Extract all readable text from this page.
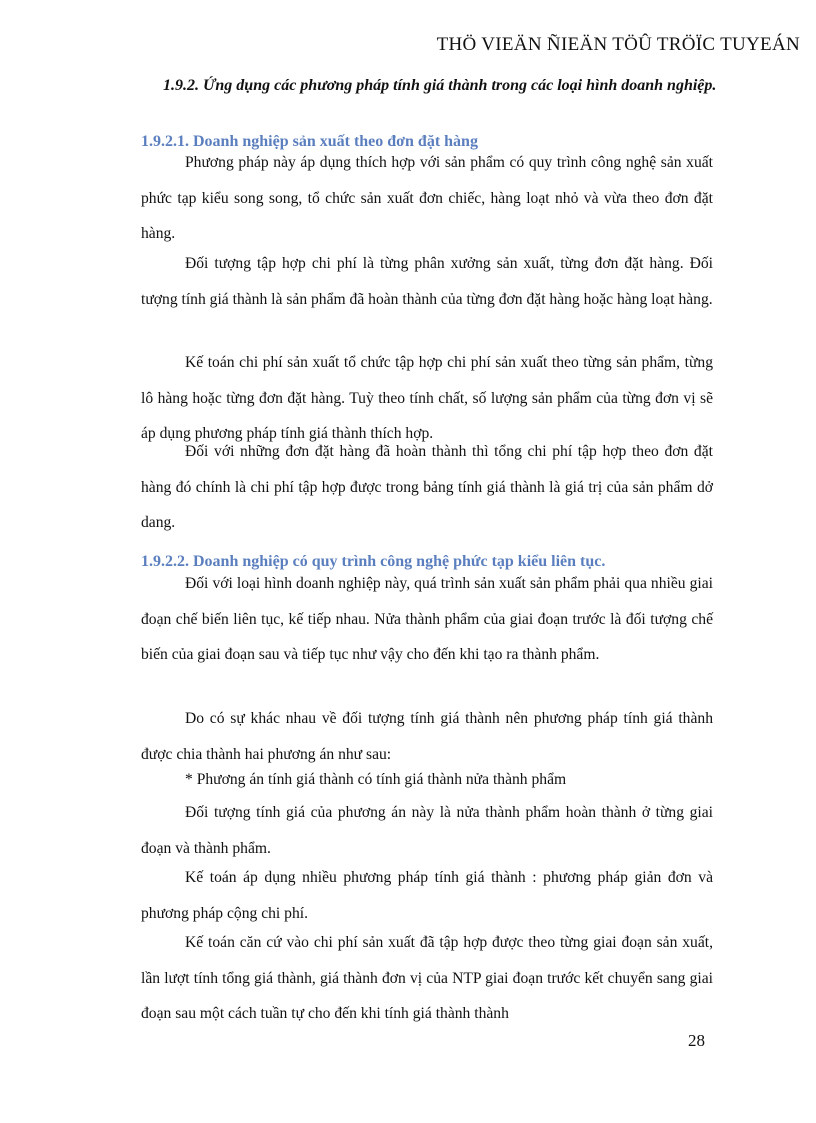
THÖ VIEÄN ÑIEÄN TÖÛ TRÖÏC TUYEÁN
1.9.2. Ứng dụng các phương pháp tính giá thành trong các loại hình doanh nghiệp.
1.9.2.1. Doanh nghiệp sản xuất theo đơn đặt hàng
Phương pháp này áp dụng thích hợp với sản phẩm có quy trình công nghệ sản xuất phức tạp kiểu song song, tổ chức sản xuất đơn chiếc, hàng loạt nhỏ và vừa theo đơn đặt hàng.
Đối tượng tập hợp chi phí là từng phân xưởng sản xuất, từng đơn đặt hàng. Đối tượng tính giá thành là sản phẩm đã hoàn thành của từng đơn đặt hàng hoặc hàng loạt hàng.
Kế toán chi phí sản xuất tổ chức tập hợp chi phí sản xuất theo từng sản phẩm, từng lô hàng hoặc từng đơn đặt hàng. Tuỳ theo tính chất, số lượng sản phẩm của từng đơn vị sẽ áp dụng phương pháp tính giá thành thích hợp.
Đối với những đơn đặt hàng đã hoàn thành thì tổng chi phí tập hợp theo đơn đặt hàng đó chính là chi phí tập hợp được trong bảng tính giá thành là giá trị của sản phẩm dở dang.
1.9.2.2. Doanh nghiệp có quy trình công nghệ phức tạp kiểu liên tục.
Đối với loại hình doanh nghiệp này, quá trình sản xuất sản phẩm phải qua nhiều giai đoạn chế biến liên tục, kế tiếp nhau. Nửa thành phẩm của giai đoạn trước là đối tượng chế biến của giai đoạn sau và tiếp tục như vậy cho đến khi tạo ra thành phẩm.
Do có sự khác nhau về đối tượng tính giá thành nên phương pháp tính giá thành được chia thành hai phương án như sau:
* Phương án tính giá thành có tính giá thành nửa thành phẩm
Đối tượng tính giá của phương án này là nửa thành phẩm hoàn thành ở từng giai đoạn và thành phẩm.
Kế toán áp dụng nhiều phương pháp tính giá thành : phương pháp giản đơn và phương pháp cộng chi phí.
Kế toán căn cứ vào chi phí sản xuất đã tập hợp được theo từng giai đoạn sản xuất, lần lượt tính tổng giá thành, giá thành đơn vị của NTP giai đoạn trước kết chuyển sang giai đoạn sau một cách tuần tự cho đến khi tính giá thành thành
28
